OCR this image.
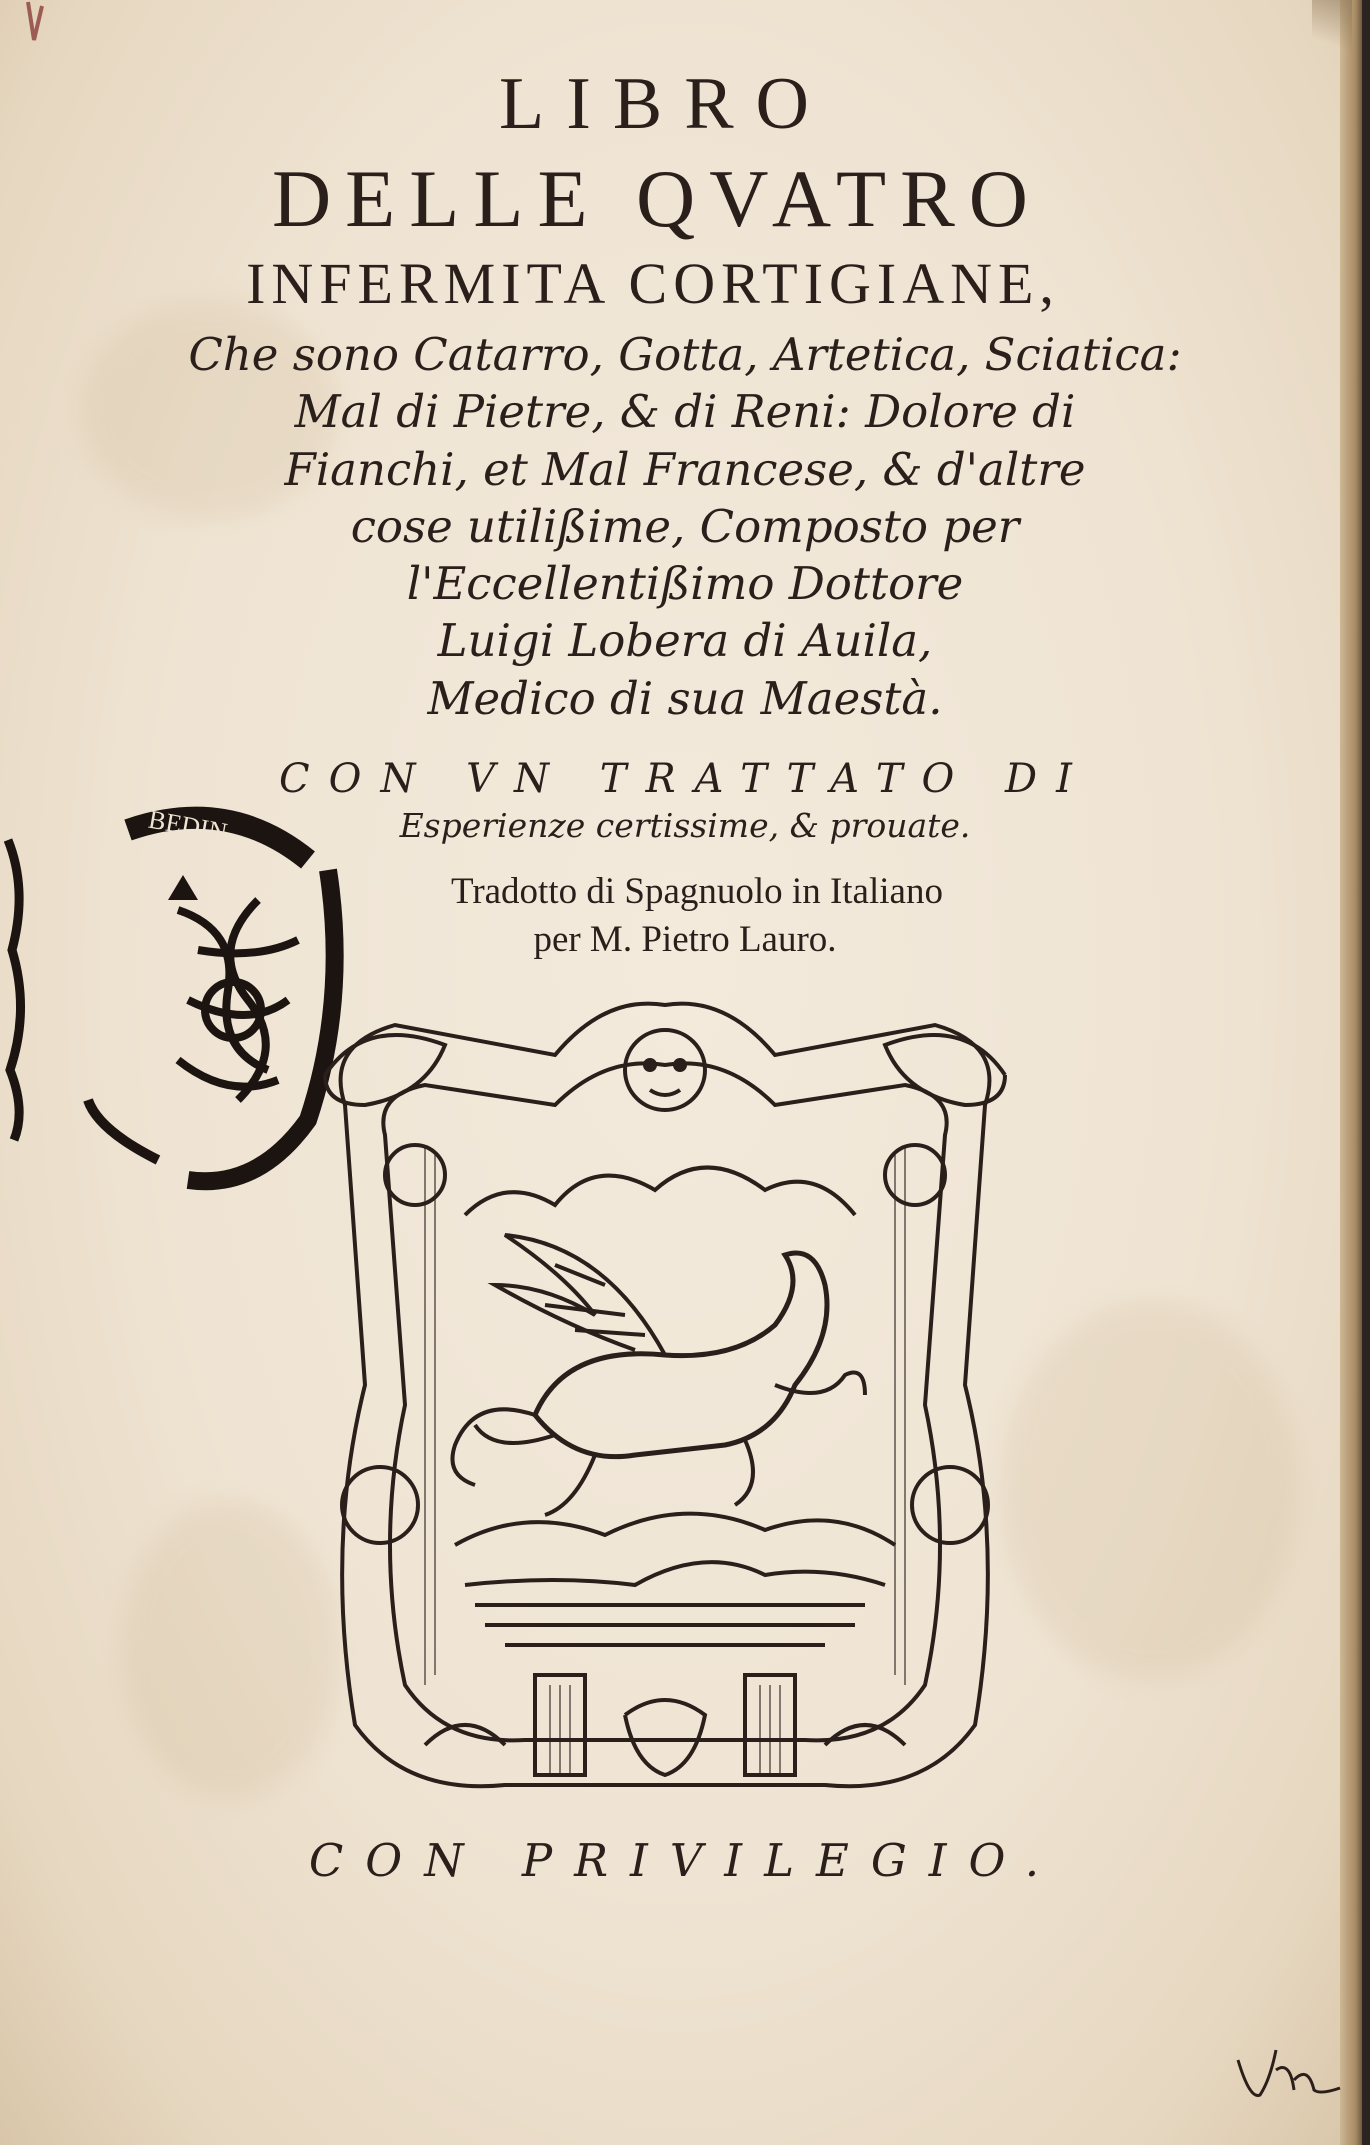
LIBRO
DELLE QVATRO
INFERMITA CORTIGIANE,
Che sono Catarro, Gotta, Artetica, Sciatica:
Mal di Pietre, & di Reni: Dolore di
Fianchi, et Mal Francese, & d'altre
cose utilißime, Composto per
l'Eccellentißimo Dottore
Luigi Lobera di Auila,
Medico di sua Maestà.
CON VN TRATTATO DI
Esperienze certissime, & prouate.
Tradotto di Spagnuolo in Italiano
per M. Pietro Lauro.
BEDIN
CON PRIVILEGIO.
